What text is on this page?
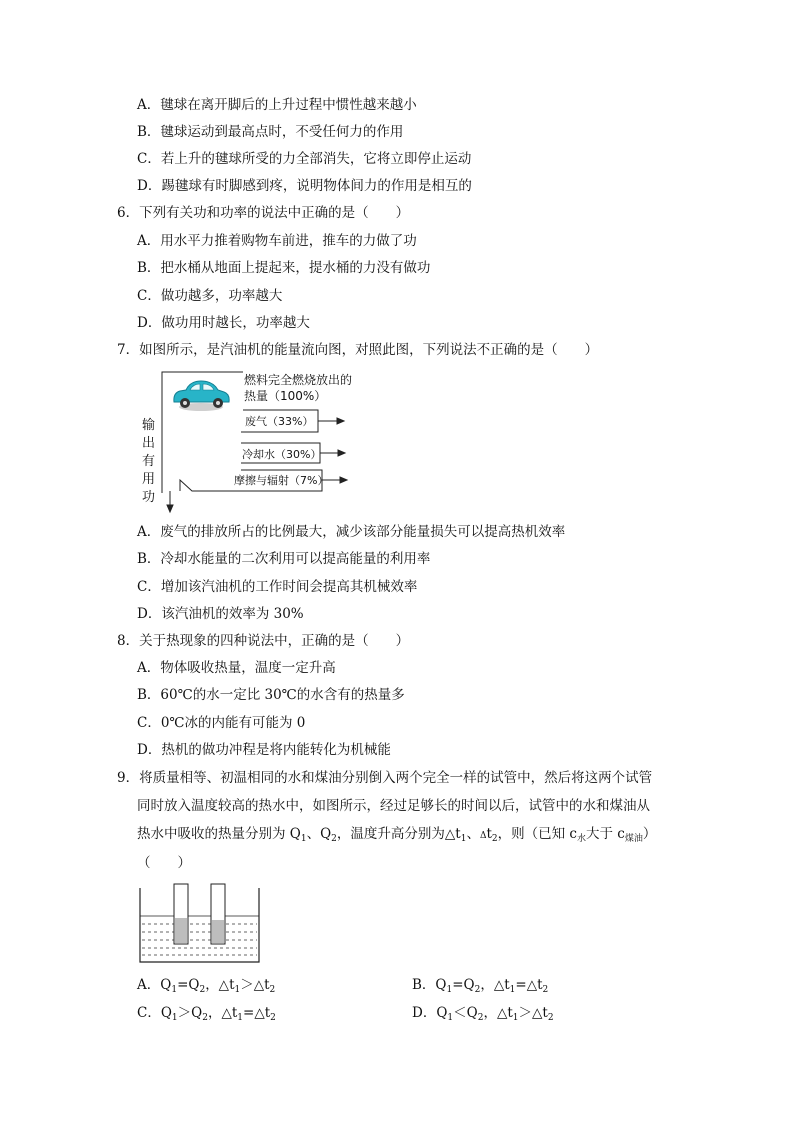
A．毽球在离开脚后的上升过程中惯性越来越小
B．毽球运动到最高点时，不受任何力的作用
C．若上升的毽球所受的力全部消失，它将立即停止运动
D．踢毽球有时脚感到疼，说明物体间力的作用是相互的
6．下列有关功和功率的说法中正确的是（　　）
A．用水平力推着购物车前进，推车的力做了功
B．把水桶从地面上提起来，提水桶的力没有做功
C．做功越多，功率越大
D．做功用时越长，功率越大
7．如图所示，是汽油机的能量流向图，对照此图，下列说法不正确的是（　　）
燃料完全燃烧放出的
热量（100%）
废气（33%）
冷却水（30%）
摩擦与辐射（7%）
输
出
有
用
功
A．废气的排放所占的比例最大，减少该部分能量损失可以提高热机效率
B．冷却水能量的二次利用可以提高能量的利用率
C．增加该汽油机的工作时间会提高其机械效率
D．该汽油机的效率为 30%
8．关于热现象的四种说法中，正确的是（　　）
A．物体吸收热量，温度一定升高
B．60℃的水一定比 30℃的水含有的热量多
C．0℃冰的内能有可能为 0
D．热机的做功冲程是将内能转化为机械能
9．将质量相等、初温相同的水和煤油分别倒入两个完全一样的试管中，然后将这两个试管
同时放入温度较高的热水中，如图所示，经过足够长的时间以后，试管中的水和煤油从
热水中吸收的热量分别为 $Q_1$、$Q_2$，温度升高分别为$\triangle t_1$、$\Delta t_2$，则（已知 $c_水$大于 $c_{煤油}$）
（　　）
A．$Q_1=Q_2$，$\triangle t_1>\triangle t_2$	B．$Q_1=Q_2$，$\triangle t_1=\triangle t_2$
C．$Q_1>Q_2$，$\triangle t_1=\triangle t_2$	D．$Q_1<Q_2$，$\triangle t_1>\triangle t_2$
